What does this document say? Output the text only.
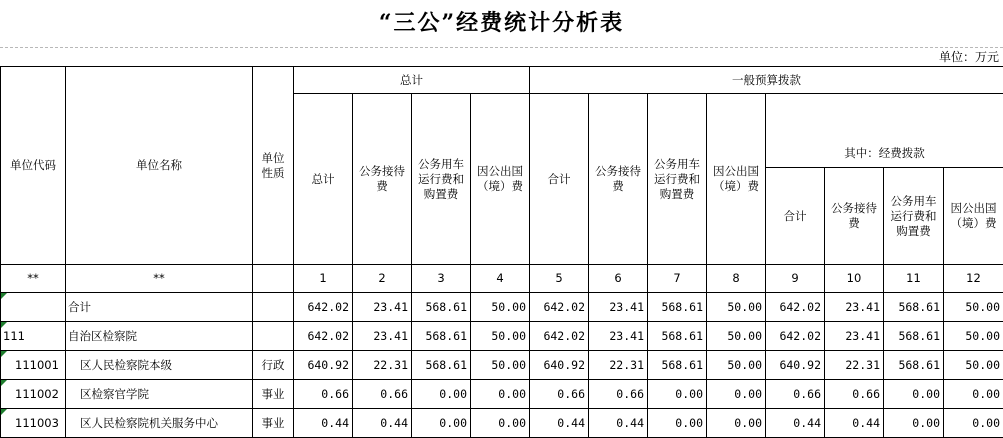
“三公”经费统计分析表
单位：万元
单位代码	单位名称	单位性质	总计				一般预算拨款							
			总计	公务接待费	公务用车运行费和购置费	因公出国（境）费	合计	公务接待费	公务用车运行费和购置费	因公出国（境）费				
											其中：经费拨款			
											合计	公务接待费	公务用车运行费和购置费	因公出国（境）费
**	**		1	2	3	4	5	6	7	8	9	10	11	12

	合计		642.02	23.41	568.61	50.00	642.02	23.41	568.61	50.00	642.02	23.41	568.61	50.00

111	自治区检察院		642.02	23.41	568.61	50.00	642.02	23.41	568.61	50.00	642.02	23.41	568.61	50.00

111001	区人民检察院本级	行政	640.92	22.31	568.61	50.00	640.92	22.31	568.61	50.00	640.92	22.31	568.61	50.00

111002	区检察官学院	事业	0.66	0.66	0.00	0.00	0.66	0.66	0.00	0.00	0.66	0.66	0.00	0.00

111003	区人民检察院机关服务中心	事业	0.44	0.44	0.00	0.00	0.44	0.44	0.00	0.00	0.44	0.44	0.00	0.00
